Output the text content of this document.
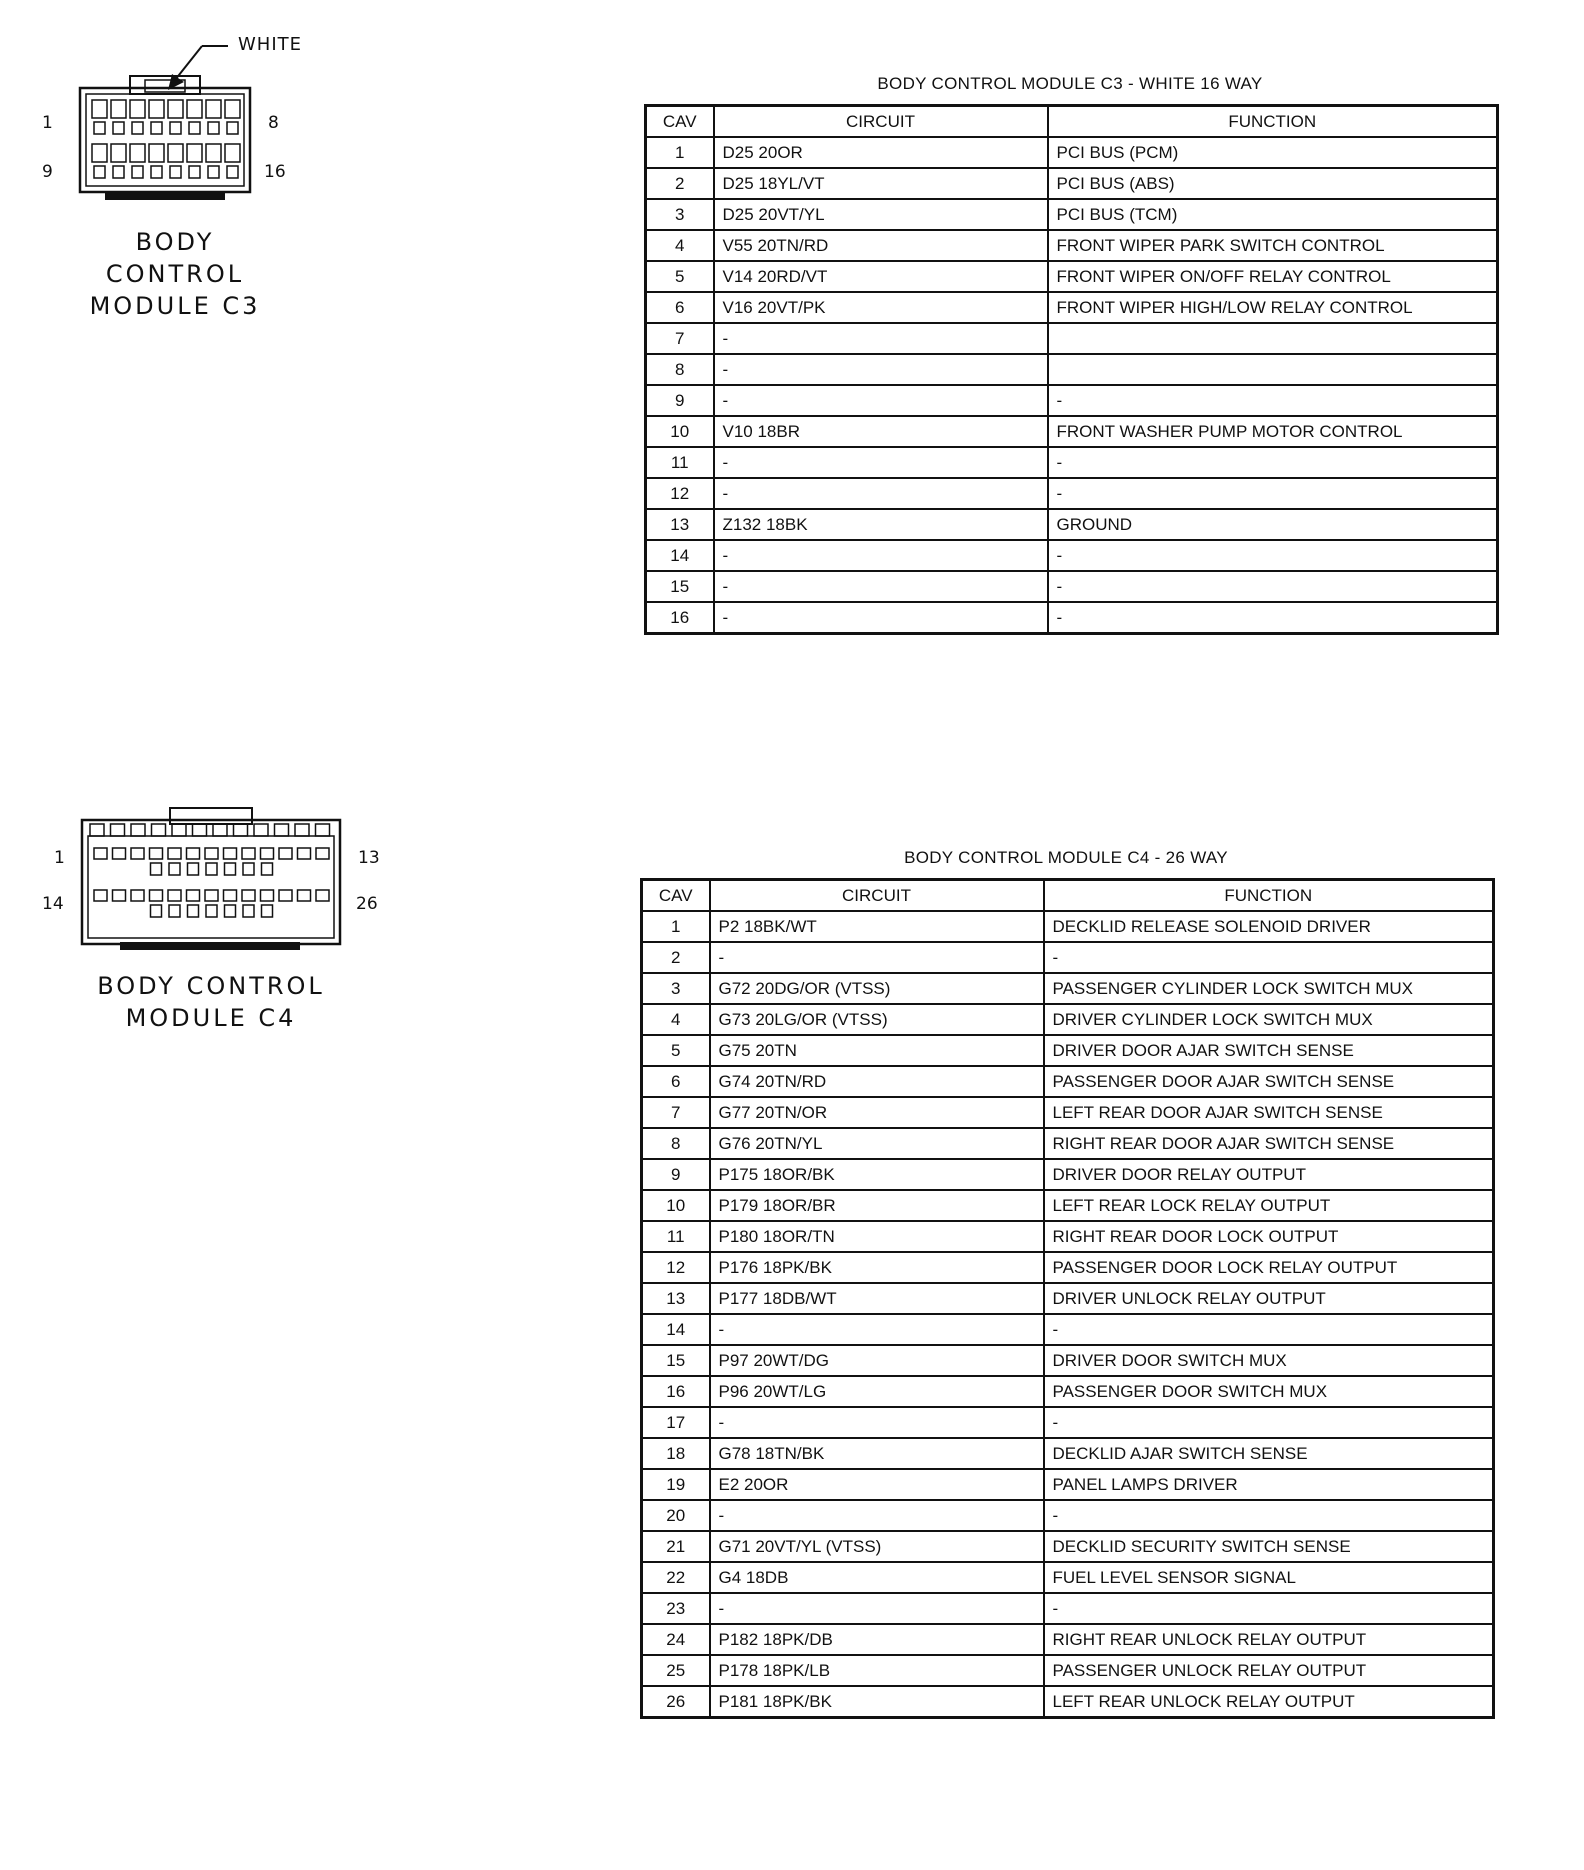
WHITE
1	8
9	16
BODY
CONTROL
MODULE C3
BODY CONTROL MODULE C3 - WHITE 16 WAY
CAV	CIRCUIT	FUNCTION
1	D25 20OR	PCI BUS (PCM)
2	D25 18YL/VT	PCI BUS (ABS)
3	D25 20VT/YL	PCI BUS (TCM)
4	V55 20TN/RD	FRONT WIPER PARK SWITCH CONTROL
5	V14 20RD/VT	FRONT WIPER ON/OFF RELAY CONTROL
6	V16 20VT/PK	FRONT WIPER HIGH/LOW RELAY CONTROL
7	-	
8	-	
9	-	-
10	V10 18BR	FRONT WASHER PUMP MOTOR CONTROL
11	-	-
12	-	-
13	Z132 18BK	GROUND
14	-	-
15	-	-
16	-	-
1	13
14	26
BODY CONTROL
MODULE C4
BODY CONTROL MODULE C4 - 26 WAY
CAV	CIRCUIT	FUNCTION
1	P2 18BK/WT	DECKLID RELEASE SOLENOID DRIVER
2	-	-
3	G72 20DG/OR (VTSS)	PASSENGER CYLINDER LOCK SWITCH MUX
4	G73 20LG/OR (VTSS)	DRIVER CYLINDER LOCK SWITCH MUX
5	G75 20TN	DRIVER DOOR AJAR SWITCH SENSE
6	G74 20TN/RD	PASSENGER DOOR AJAR SWITCH SENSE
7	G77 20TN/OR	LEFT REAR DOOR AJAR SWITCH SENSE
8	G76 20TN/YL	RIGHT REAR DOOR AJAR SWITCH SENSE
9	P175 18OR/BK	DRIVER DOOR RELAY OUTPUT
10	P179 18OR/BR	LEFT REAR LOCK RELAY OUTPUT
11	P180 18OR/TN	RIGHT REAR DOOR LOCK OUTPUT
12	P176 18PK/BK	PASSENGER DOOR LOCK RELAY OUTPUT
13	P177 18DB/WT	DRIVER UNLOCK RELAY OUTPUT
14	-	-
15	P97 20WT/DG	DRIVER DOOR SWITCH MUX
16	P96 20WT/LG	PASSENGER DOOR SWITCH MUX
17	-	-
18	G78 18TN/BK	DECKLID AJAR SWITCH SENSE
19	E2 20OR	PANEL LAMPS DRIVER
20	-	-
21	G71 20VT/YL (VTSS)	DECKLID SECURITY SWITCH SENSE
22	G4 18DB	FUEL LEVEL SENSOR SIGNAL
23	-	-
24	P182 18PK/DB	RIGHT REAR UNLOCK RELAY OUTPUT
25	P178 18PK/LB	PASSENGER UNLOCK RELAY OUTPUT
26	P181 18PK/BK	LEFT REAR UNLOCK RELAY OUTPUT
